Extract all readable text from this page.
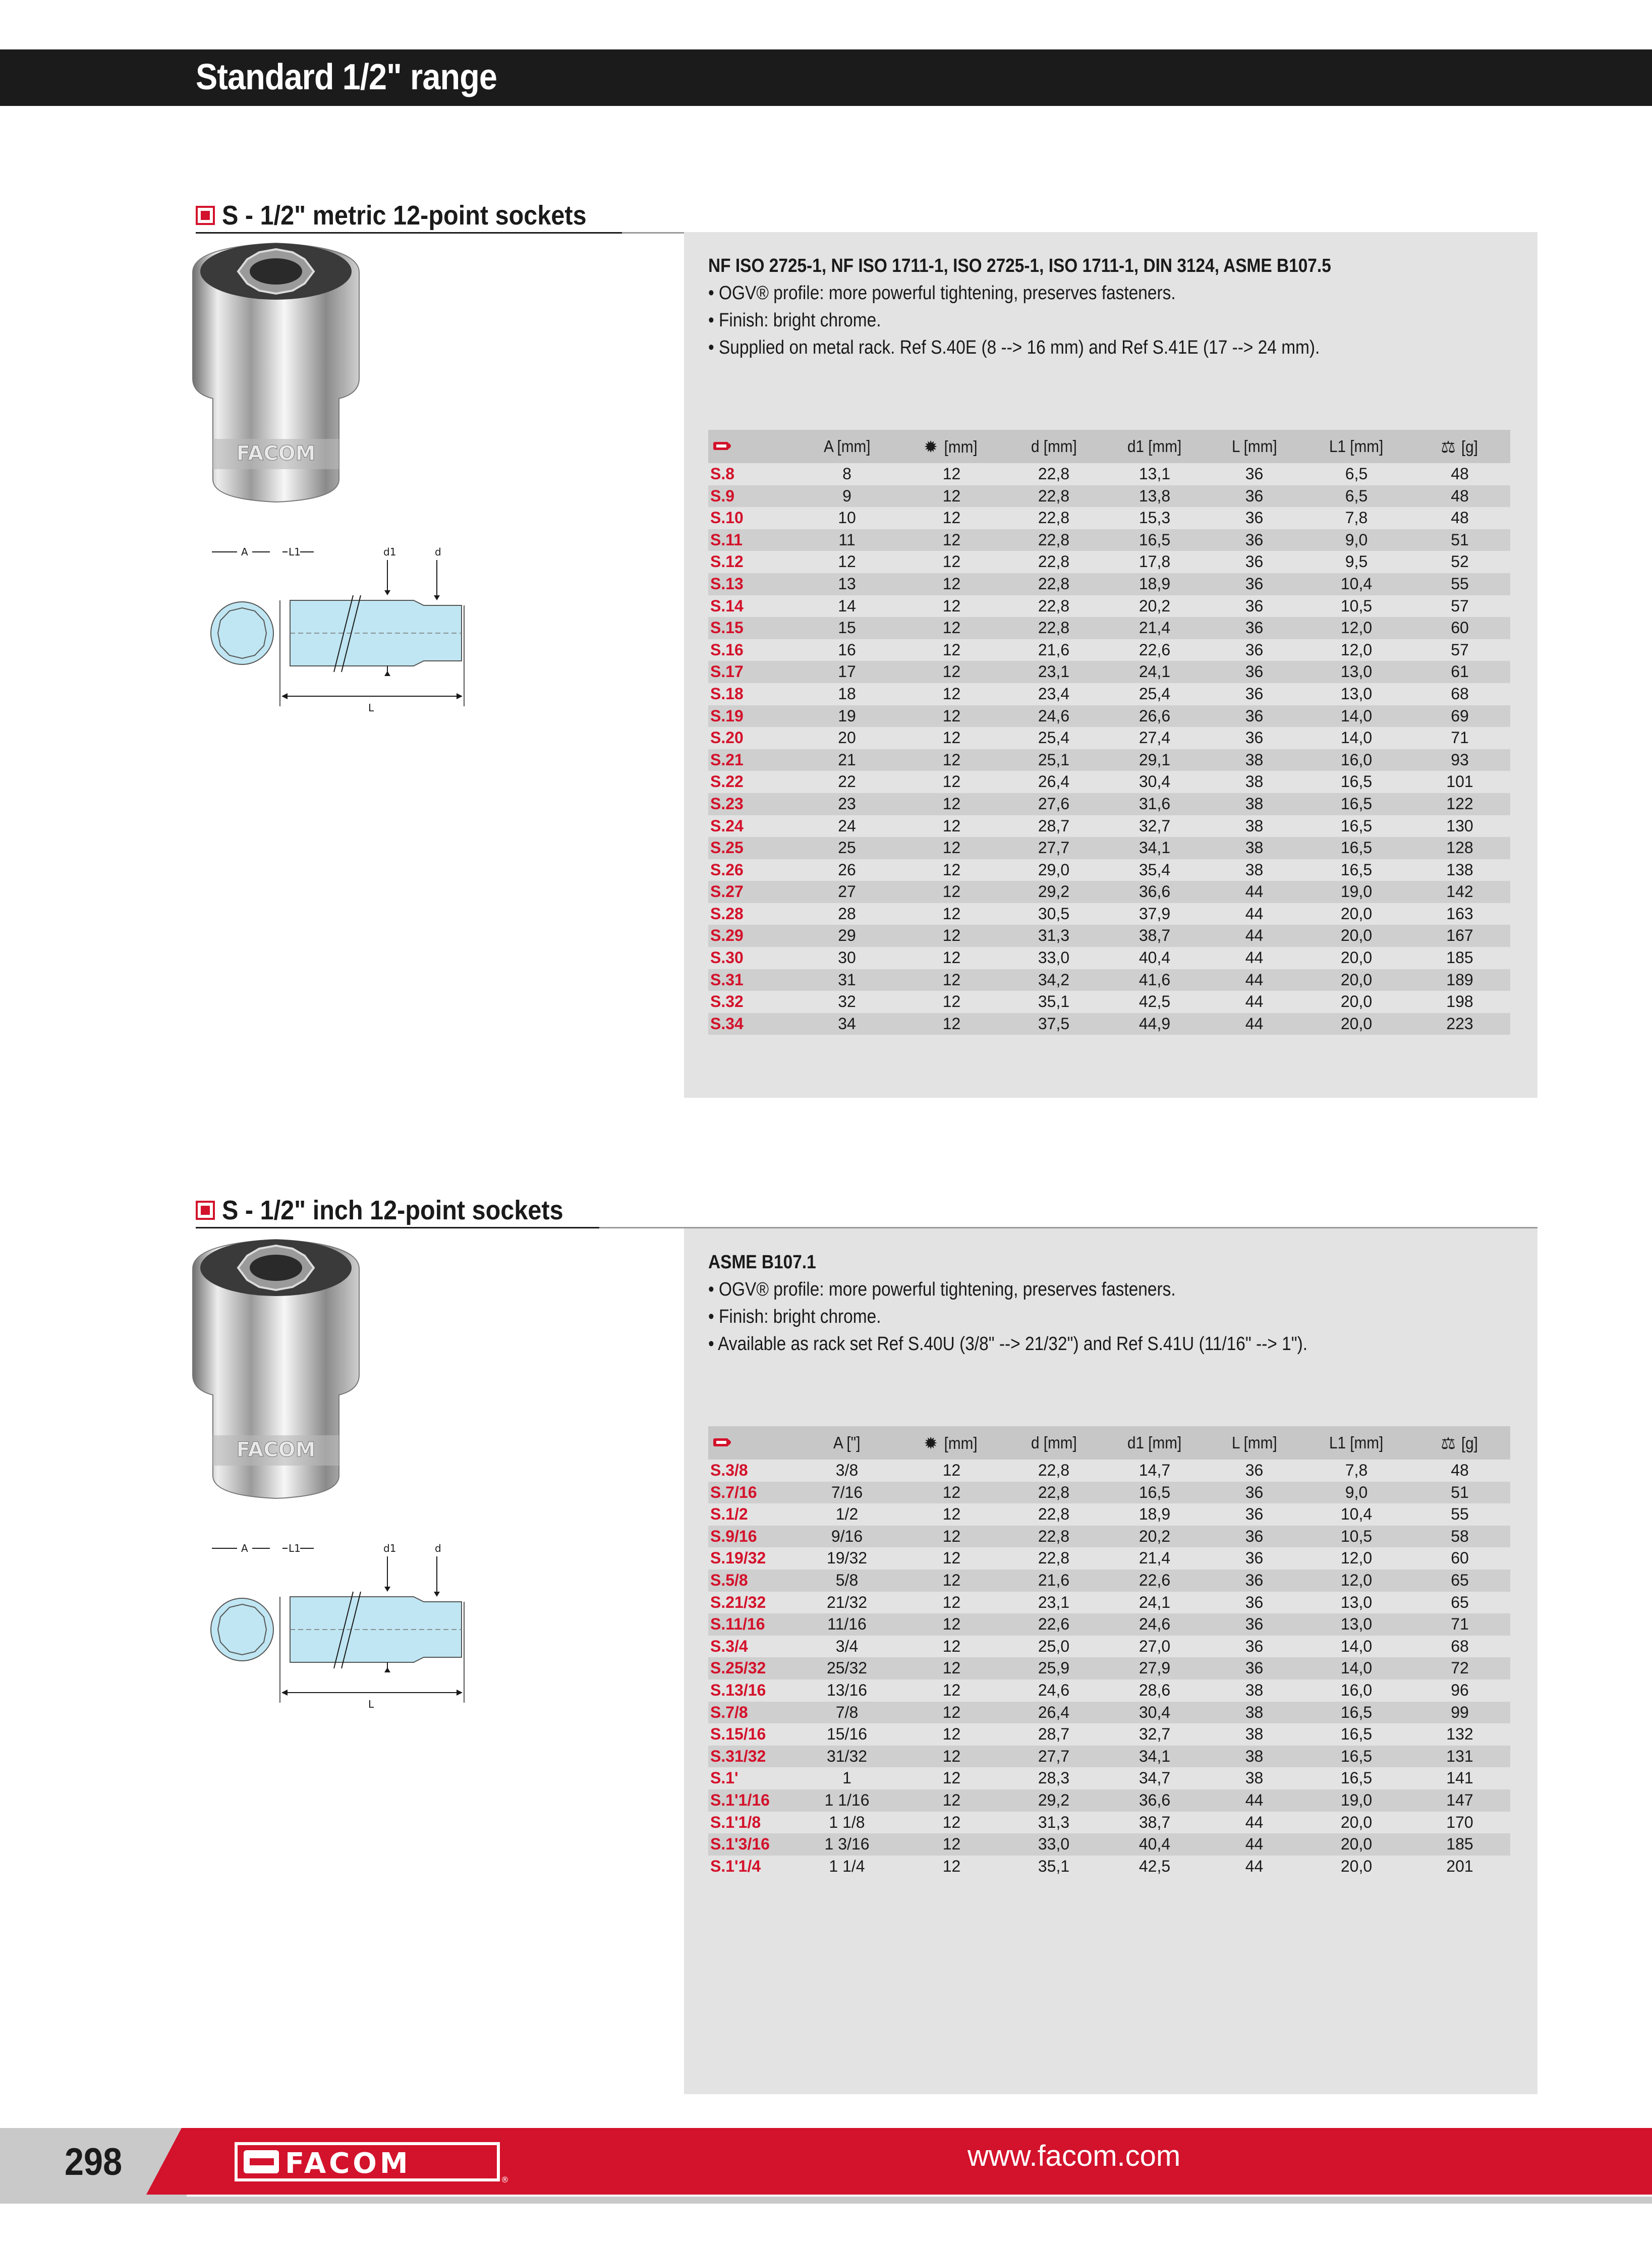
Standard 1/2" range
S - 1/2" metric 12-point sockets
FACOM
A	L1	d1	d
L
NF ISO 2725-1, NF ISO 1711-1, ISO 2725-1, ISO 1711-1, DIN 3124, ASME B107.5
• OGV® profile: more powerful tightening, preserves fasteners.
• Finish: bright chrome.
• Supplied on metal rack. Ref S.40E (8 --> 16 mm) and Ref S.41E (17 --> 24 mm).
	A [mm]	✹ [mm]	d [mm]	d1 [mm]	L [mm]	L1 [mm]	⚖ [g]
S.8	8	12	22,8	13,1	36	6,5	48
S.9	9	12	22,8	13,8	36	6,5	48
S.10	10	12	22,8	15,3	36	7,8	48
S.11	11	12	22,8	16,5	36	9,0	51
S.12	12	12	22,8	17,8	36	9,5	52
S.13	13	12	22,8	18,9	36	10,4	55
S.14	14	12	22,8	20,2	36	10,5	57
S.15	15	12	22,8	21,4	36	12,0	60
S.16	16	12	21,6	22,6	36	12,0	57
S.17	17	12	23,1	24,1	36	13,0	61
S.18	18	12	23,4	25,4	36	13,0	68
S.19	19	12	24,6	26,6	36	14,0	69
S.20	20	12	25,4	27,4	36	14,0	71
S.21	21	12	25,1	29,1	38	16,0	93
S.22	22	12	26,4	30,4	38	16,5	101
S.23	23	12	27,6	31,6	38	16,5	122
S.24	24	12	28,7	32,7	38	16,5	130
S.25	25	12	27,7	34,1	38	16,5	128
S.26	26	12	29,0	35,4	38	16,5	138
S.27	27	12	29,2	36,6	44	19,0	142
S.28	28	12	30,5	37,9	44	20,0	163
S.29	29	12	31,3	38,7	44	20,0	167
S.30	30	12	33,0	40,4	44	20,0	185
S.31	31	12	34,2	41,6	44	20,0	189
S.32	32	12	35,1	42,5	44	20,0	198
S.34	34	12	37,5	44,9	44	20,0	223
S - 1/2" inch 12-point sockets
FACOM
A	L1	d1	d
L
ASME B107.1
• OGV® profile: more powerful tightening, preserves fasteners.
• Finish: bright chrome.
• Available as rack set Ref S.40U (3/8" --> 21/32") and Ref S.41U (11/16" --> 1").
	A ["]	✹ [mm]	d [mm]	d1 [mm]	L [mm]	L1 [mm]	⚖ [g]
S.3/8	3/8	12	22,8	14,7	36	7,8	48
S.7/16	7/16	12	22,8	16,5	36	9,0	51
S.1/2	1/2	12	22,8	18,9	36	10,4	55
S.9/16	9/16	12	22,8	20,2	36	10,5	58
S.19/32	19/32	12	22,8	21,4	36	12,0	60
S.5/8	5/8	12	21,6	22,6	36	12,0	65
S.21/32	21/32	12	23,1	24,1	36	13,0	65
S.11/16	11/16	12	22,6	24,6	36	13,0	71
S.3/4	3/4	12	25,0	27,0	36	14,0	68
S.25/32	25/32	12	25,9	27,9	36	14,0	72
S.13/16	13/16	12	24,6	28,6	38	16,0	96
S.7/8	7/8	12	26,4	30,4	38	16,5	99
S.15/16	15/16	12	28,7	32,7	38	16,5	132
S.31/32	31/32	12	27,7	34,1	38	16,5	131
S.1'	1	12	28,3	34,7	38	16,5	141
S.1'1/16	1 1/16	12	29,2	36,6	44	19,0	147
S.1'1/8	1 1/8	12	31,3	38,7	44	20,0	170
S.1'3/16	1 3/16	12	33,0	40,4	44	20,0	185
S.1'1/4	1 1/4	12	35,1	42,5	44	20,0	201
298	FACOM	®
www.facom.com
